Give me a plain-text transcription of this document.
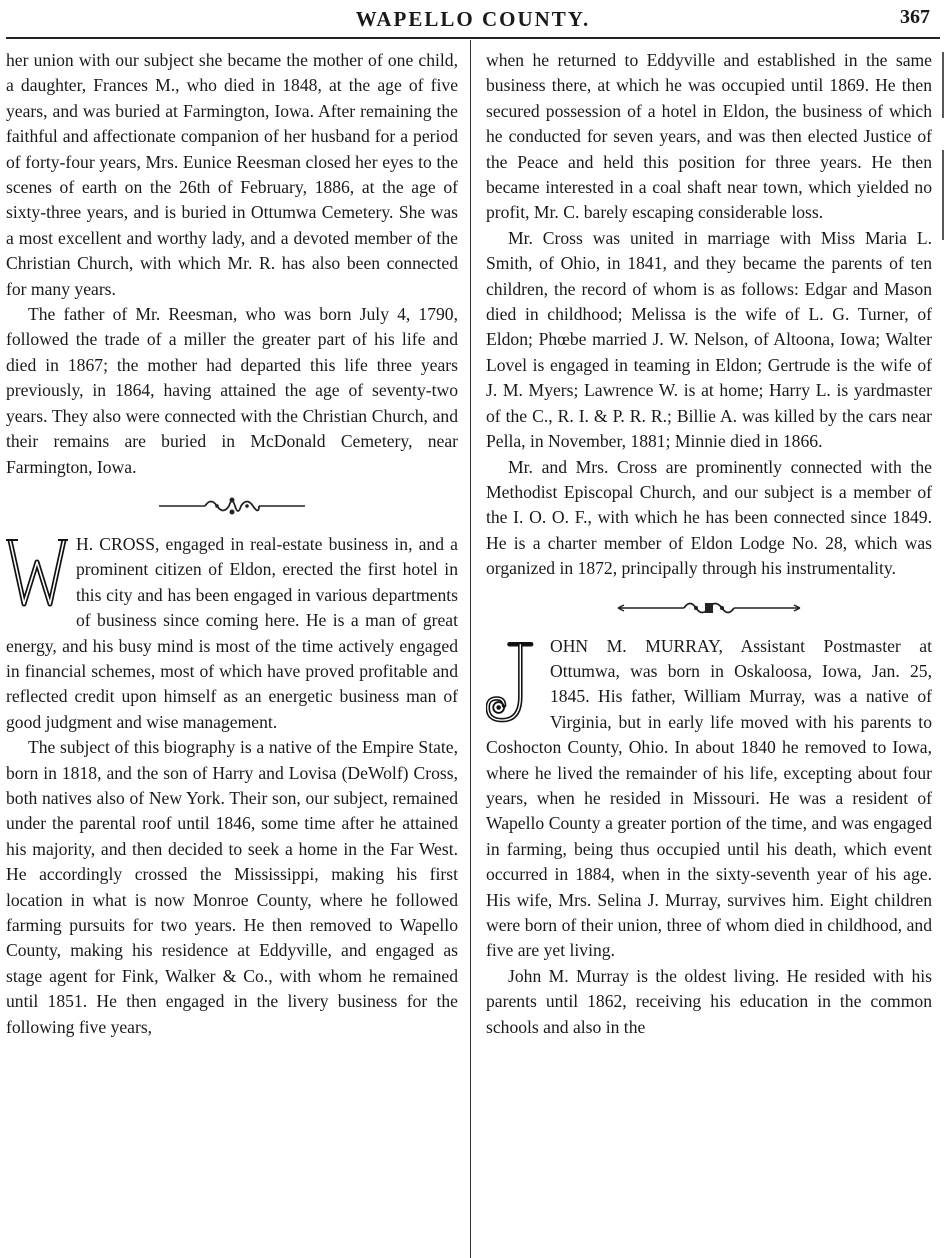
WAPELLO COUNTY.	367

her union with our subject she became the mother of one child, a daughter, Frances M., who died in 1848, at the age of five years, and was buried at Farmington, Iowa. After remaining the faithful and affectionate companion of her husband for a period of forty-four years, Mrs. Eunice Reesman closed her eyes to the scenes of earth on the 26th of February, 1886, at the age of sixty-three years, and is buried in Ottumwa Cemetery. She was a most excellent and worthy lady, and a devoted member of the Christian Church, with which Mr. R. has also been connected for many years.

The father of Mr. Reesman, who was born July 4, 1790, followed the trade of a miller the greater part of his life and died in 1867; the mother had departed this life three years previously, in 1864, having attained the age of seventy-two years. They also were connected with the Christian Church, and their remains are buried in McDonald Cemetery, near Farmington, Iowa.

H. CROSS, engaged in real-estate business in, and a prominent citizen of Eldon, erected the first hotel in this city and has been engaged in various departments of business since coming here. He is a man of great energy, and his busy mind is most of the time actively engaged in financial schemes, most of which have proved profitable and reflected credit upon himself as an energetic business man of good judgment and wise management.

The subject of this biography is a native of the Empire State, born in 1818, and the son of Harry and Lovisa (DeWolf) Cross, both natives also of New York. Their son, our subject, remained under the parental roof until 1846, some time after he attained his majority, and then decided to seek a home in the Far West. He accordingly crossed the Mississippi, making his first location in what is now Monroe County, where he followed farming pursuits for two years. He then removed to Wapello County, making his residence at Eddyville, and engaged as stage agent for Fink, Walker & Co., with whom he remained until 1851. He then engaged in the livery business for the following five years,

when he returned to Eddyville and established in the same business there, at which he was occupied until 1869. He then secured possession of a hotel in Eldon, the business of which he conducted for seven years, and was then elected Justice of the Peace and held this position for three years. He then became interested in a coal shaft near town, which yielded no profit, Mr. C. barely escaping considerable loss.

Mr. Cross was united in marriage with Miss Maria L. Smith, of Ohio, in 1841, and they became the parents of ten children, the record of whom is as follows: Edgar and Mason died in childhood; Melissa is the wife of L. G. Turner, of Eldon; Phœbe married J. W. Nelson, of Altoona, Iowa; Walter Lovel is engaged in teaming in Eldon; Gertrude is the wife of J. M. Myers; Lawrence W. is at home; Harry L. is yardmaster of the C., R. I. & P. R. R.; Billie A. was killed by the cars near Pella, in November, 1881; Minnie died in 1866.

Mr. and Mrs. Cross are prominently connected with the Methodist Episcopal Church, and our subject is a member of the I. O. O. F., with which he has been connected since 1849. He is a charter member of Eldon Lodge No. 28, which was organized in 1872, principally through his instrumentality.

OHN M. MURRAY, Assistant Postmaster at Ottumwa, was born in Oskaloosa, Iowa, Jan. 25, 1845. His father, William Murray, was a native of Virginia, but in early life moved with his parents to Coshocton County, Ohio. In about 1840 he removed to Iowa, where he lived the remainder of his life, excepting about four years, when he resided in Missouri. He was a resident of Wapello County a greater portion of the time, and was engaged in farming, being thus occupied until his death, which event occurred in 1884, when in the sixty-seventh year of his age. His wife, Mrs. Selina J. Murray, survives him. Eight children were born of their union, three of whom died in childhood, and five are yet living.

John M. Murray is the oldest living. He resided with his parents until 1862, receiving his education in the common schools and also in the
